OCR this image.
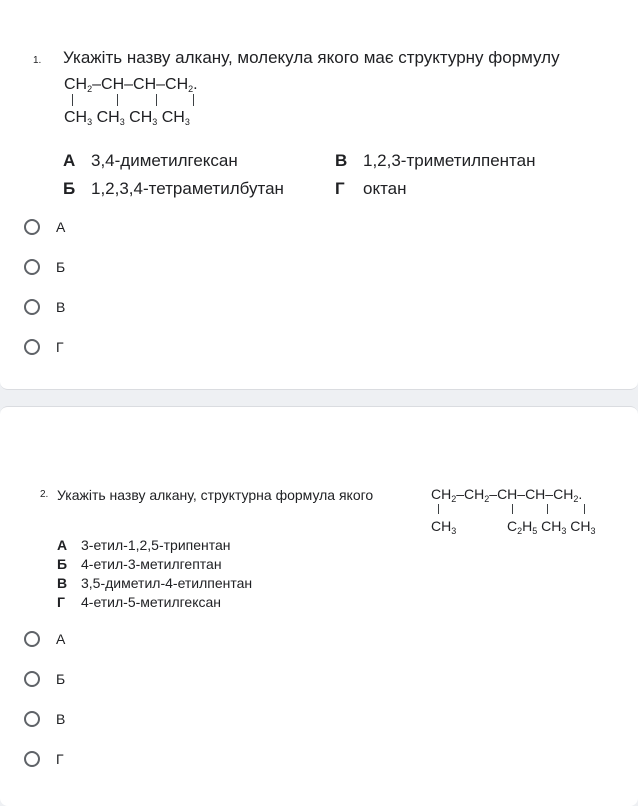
1. Укажіть назву алкану, молекула якого має структурну формулу
$CH_2-CH-CH-CH_2$.
$CH_3$ $CH_3$ $CH_3$ $CH_3$
А 3,4-диметилгексан	В 1,2,3-триметилпентан
Б 1,2,3,4-тетраметилбутан	Г октан
А
Б
В
Г
2. Укажіть назву алкану, структурна формула якого	$CH_2-CH_2-CH-CH-CH_2$.
$CH_3$	$C_2H_5$ $CH_3$ $CH_3$
А 3-етил-1,2,5-трипентан
Б 4-етил-3-метилгептан
В 3,5-диметил-4-етилпентан
Г 4-етил-5-метилгексан
А
Б
В
Г
